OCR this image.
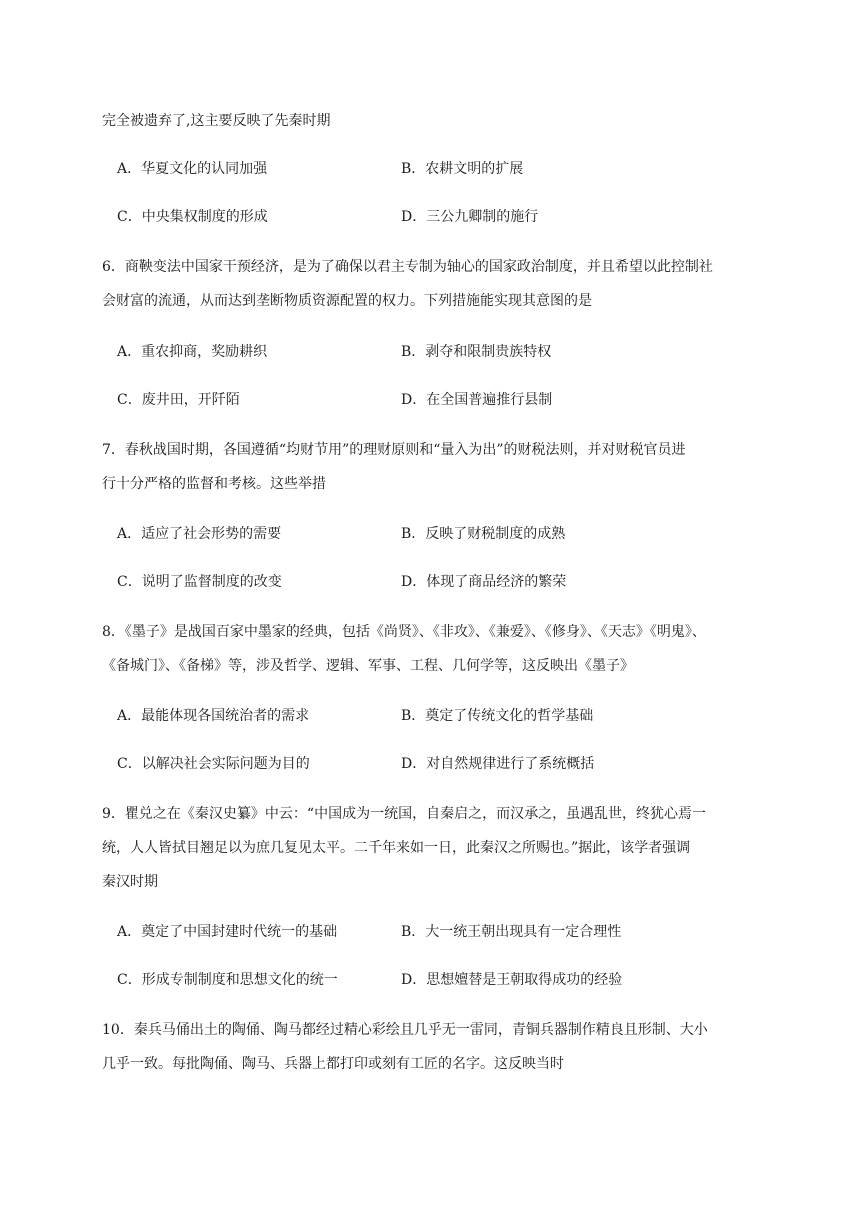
完全被遗弃了,这主要反映了先秦时期
A．华夏文化的认同加强	B．农耕文明的扩展
C．中央集权制度的形成	D．三公九卿制的施行
6．商鞅变法中国家干预经济，是为了确保以君主专制为轴心的国家政治制度，并且希望以此控制社
会财富的流通，从而达到垄断物质资源配置的权力。下列措施能实现其意图的是
A．重农抑商，奖励耕织	B．剥夺和限制贵族特权
C．废井田，开阡陌	D．在全国普遍推行县制
7．春秋战国时期，各国遵循“均财节用”的理财原则和“量入为出”的财税法则，并对财税官员进
行十分严格的监督和考核。这些举措
A．适应了社会形势的需要	B．反映了财税制度的成熟
C．说明了监督制度的改变	D．体现了商品经济的繁荣
8．《墨子》是战国百家中墨家的经典，包括《尚贤》、《非攻》、《兼爱》、《修身》、《天志》《明鬼》、
《备城门》、《备梯》等，涉及哲学、逻辑、军事、工程、几何学等，这反映出《墨子》
A．最能体现各国统治者的需求	B．奠定了传统文化的哲学基础
C．以解决社会实际问题为目的	D．对自然规律进行了系统概括
9．瞿兑之在《秦汉史纂》中云：“中国成为一统国，自秦启之，而汉承之，虽遇乱世，终犹心焉一
统，人人皆拭目翘足以为庶几复见太平。二千年来如一日，此秦汉之所赐也。”据此，该学者强调
秦汉时期
A．奠定了中国封建时代统一的基础	B．大一统王朝出现具有一定合理性
C．形成专制制度和思想文化的统一	D．思想嬗替是王朝取得成功的经验
10．秦兵马俑出土的陶俑、陶马都经过精心彩绘且几乎无一雷同，青铜兵器制作精良且形制、大小
几乎一致。每批陶俑、陶马、兵器上都打印或刻有工匠的名字。这反映当时
